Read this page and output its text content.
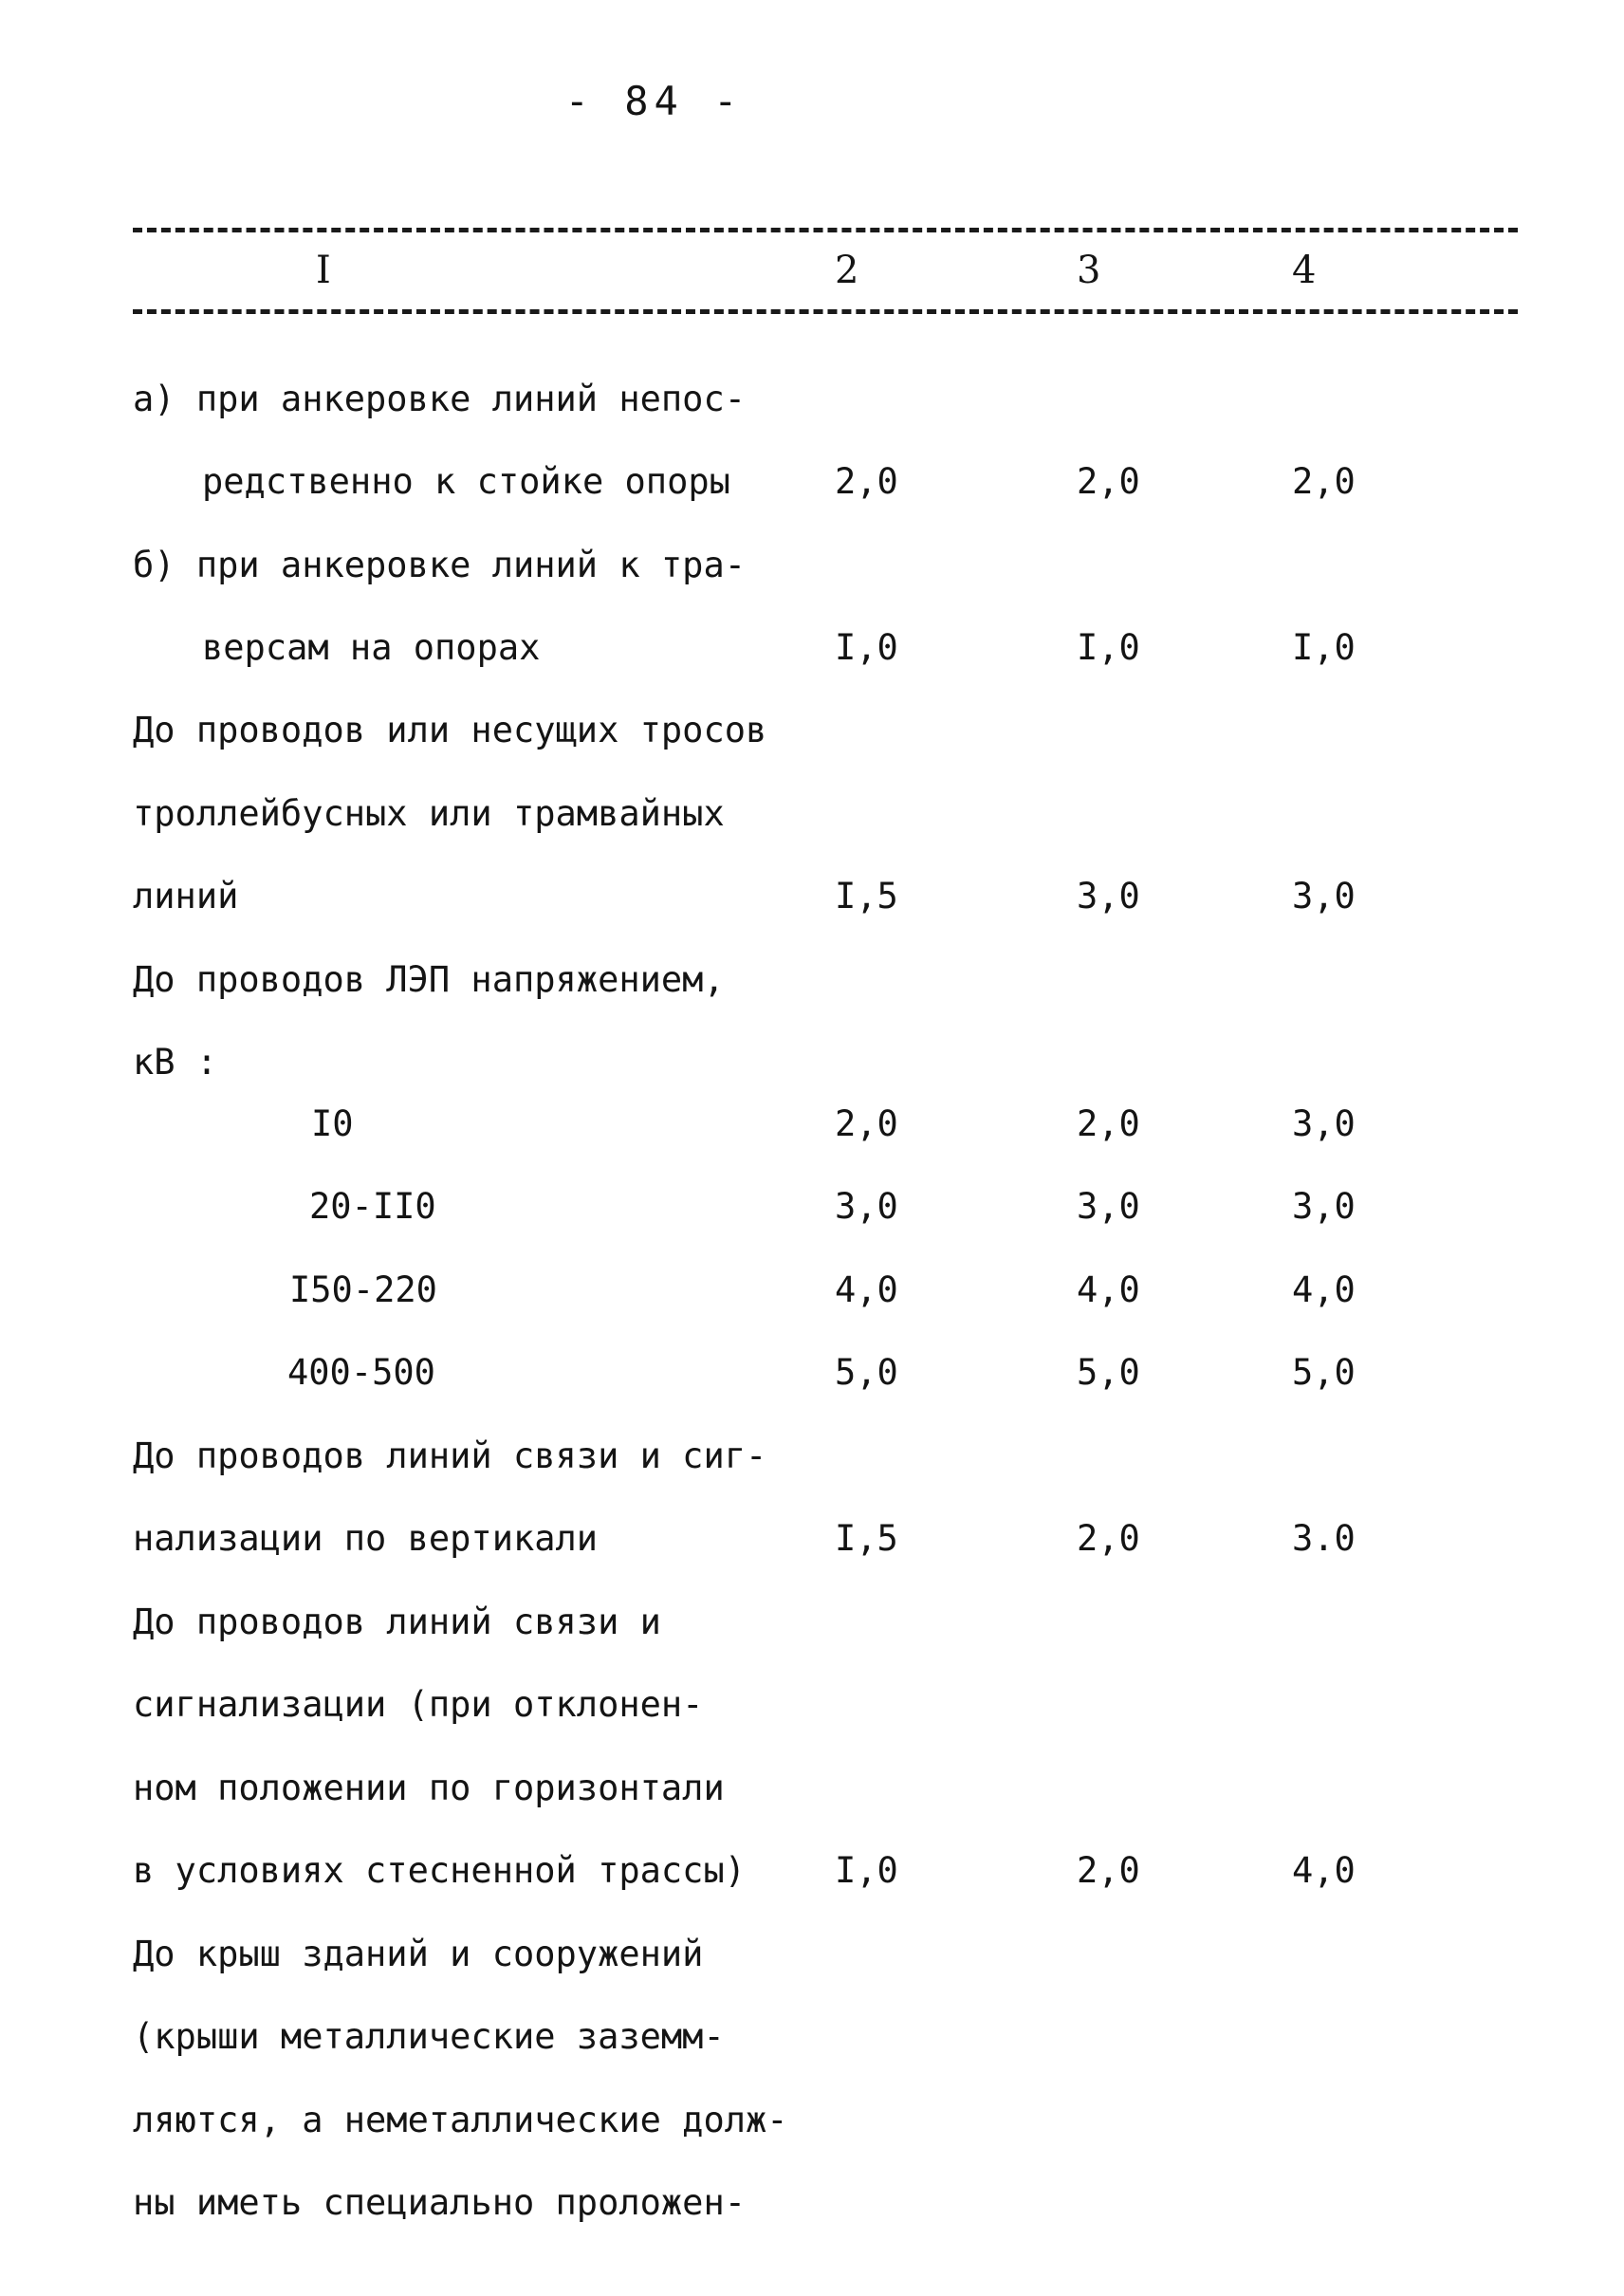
- 84 -
I	2	3	4
а) при анкеровке линий непос-
редственно к стойке опоры	2,0	2,0	2,0
б) при анкеровке линий к тра-
версам на опорах	I,0	I,0	I,0
До проводов или несущих тросов
троллейбусных или трамвайных
линий	I,5	3,0	3,0
До проводов ЛЭП напряжением,
кВ :
I0	2,0	2,0	3,0
20-II0	3,0	3,0	3,0
I50-220	4,0	4,0	4,0
400-500	5,0	5,0	5,0
До проводов линий связи и сиг-
нализации по вертикали	I,5	2,0	3.0
До проводов линий связи и
сигнализации (при отклонен-
ном положении по горизонтали
в условиях стесненной трассы)	I,0	2,0	4,0
До крыш зданий и сооружений
(крыши металлические заземм-
ляются, а неметаллические долж-
ны иметь специально проложен-
